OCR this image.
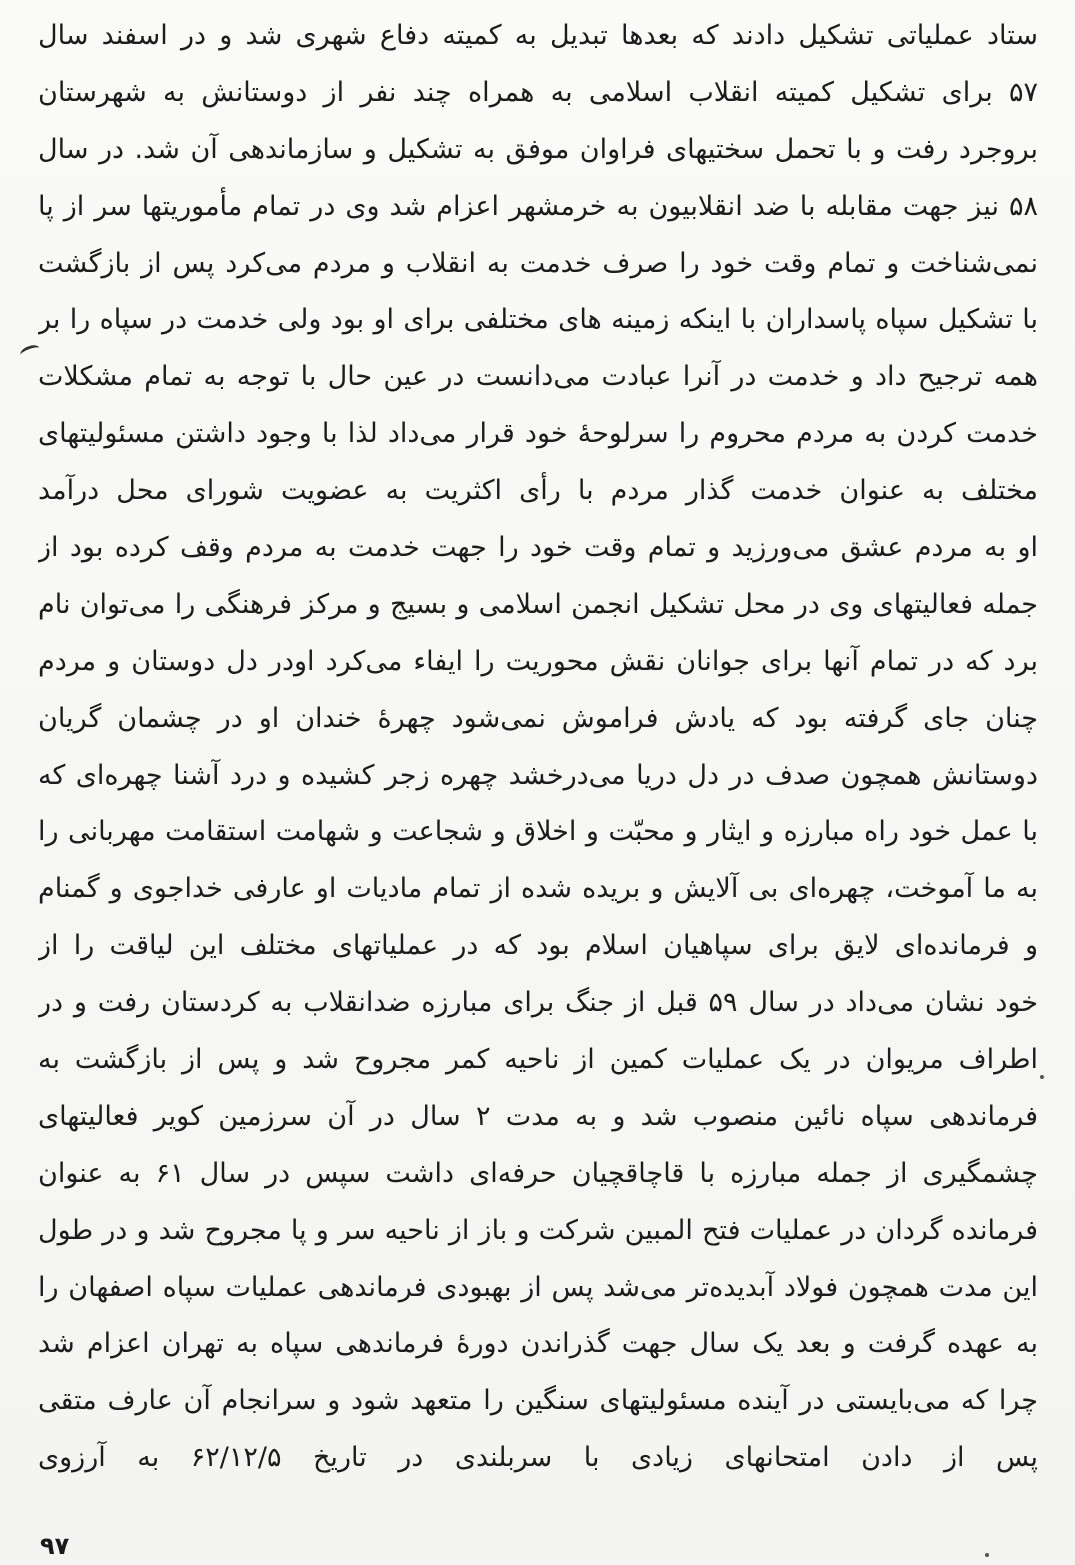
ستاد عملیاتی تشکیل دادند که بعدها تبدیل به کمیته دفاع شهری شد و در اسفند سال
۵۷ برای تشکیل کمیته انقلاب اسلامی به همراه چند نفر از دوستانش به شهرستان
بروجرد رفت و با تحمل سختیهای فراوان موفق به تشکیل و سازماندهی آن شد. در سال
۵۸ نیز جهت مقابله با ضد انقلابیون به خرمشهر اعزام شد وی در تمام مأموریتها سر از پا
نمی‌شناخت و تمام وقت خود را صرف خدمت به انقلاب و مردم می‌کرد پس از بازگشت
با تشکیل سپاه پاسداران با اینکه زمینه های مختلفی برای او بود ولی خدمت در سپاه را بر
همه ترجیح داد و خدمت در آنرا عبادت می‌دانست در عین حال با توجه به تمام مشکلات
خدمت کردن به مردم محروم را سرلوحهٔ خود قرار می‌داد لذا با وجود داشتن مسئولیتهای
مختلف به عنوان خدمت گذار مردم با رأی اکثریت به عضویت شورای محل درآمد
او به مردم عشق می‌ورزید و تمام وقت خود را جهت خدمت به مردم وقف کرده بود از
جمله فعالیتهای وی در محل تشکیل انجمن اسلامی و بسیج و مرکز فرهنگی را می‌توان نام
برد که در تمام آنها برای جوانان نقش محوریت را ایفاء می‌کرد اودر دل دوستان و مردم
چنان جای گرفته بود که یادش فراموش نمی‌شود چهرهٔ خندان او در چشمان گریان
دوستانش همچون صدف در دل دریا می‌درخشد چهره زجر کشیده و درد آشنا چهره‌ای که
با عمل خود راه مبارزه و ایثار و محبّت و اخلاق و شجاعت و شهامت استقامت مهربانی را
به ما آموخت، چهره‌ای بی آلایش و بریده شده از تمام مادیات او عارفی خداجوی و گمنام
و فرمانده‌ای لایق برای سپاهیان اسلام بود که در عملیاتهای مختلف این لیاقت را از
خود نشان می‌داد در سال ۵۹ قبل از جنگ برای مبارزه ضدانقلاب به کردستان رفت و در
اطراف مریوان در یک عملیات کمین از ناحیه کمر مجروح شد و پس از بازگشت به
فرماندهی سپاه نائین منصوب شد و به مدت ۲ سال در آن سرزمین کویر فعالیتهای
چشمگیری از جمله مبارزه با قاچاقچیان حرفه‌ای داشت سپس در سال ۶۱ به عنوان
فرمانده گردان در عملیات فتح المبین شرکت و باز از ناحیه سر و پا مجروح شد و در طول
این مدت همچون فولاد آبدیده‌تر می‌شد پس از بهبودی فرماندهی عملیات سپاه اصفهان را
به عهده گرفت و بعد یک سال جهت گذراندن دورهٔ فرماندهی سپاه به تهران اعزام شد
چرا که می‌بایستی در آینده مسئولیتهای سنگین را متعهد شود و سرانجام آن عارف متقی
پس از دادن امتحانهای زیادی با سربلندی در تاریخ ۶۲/۱۲/۵ به آرزوی
۹۷
